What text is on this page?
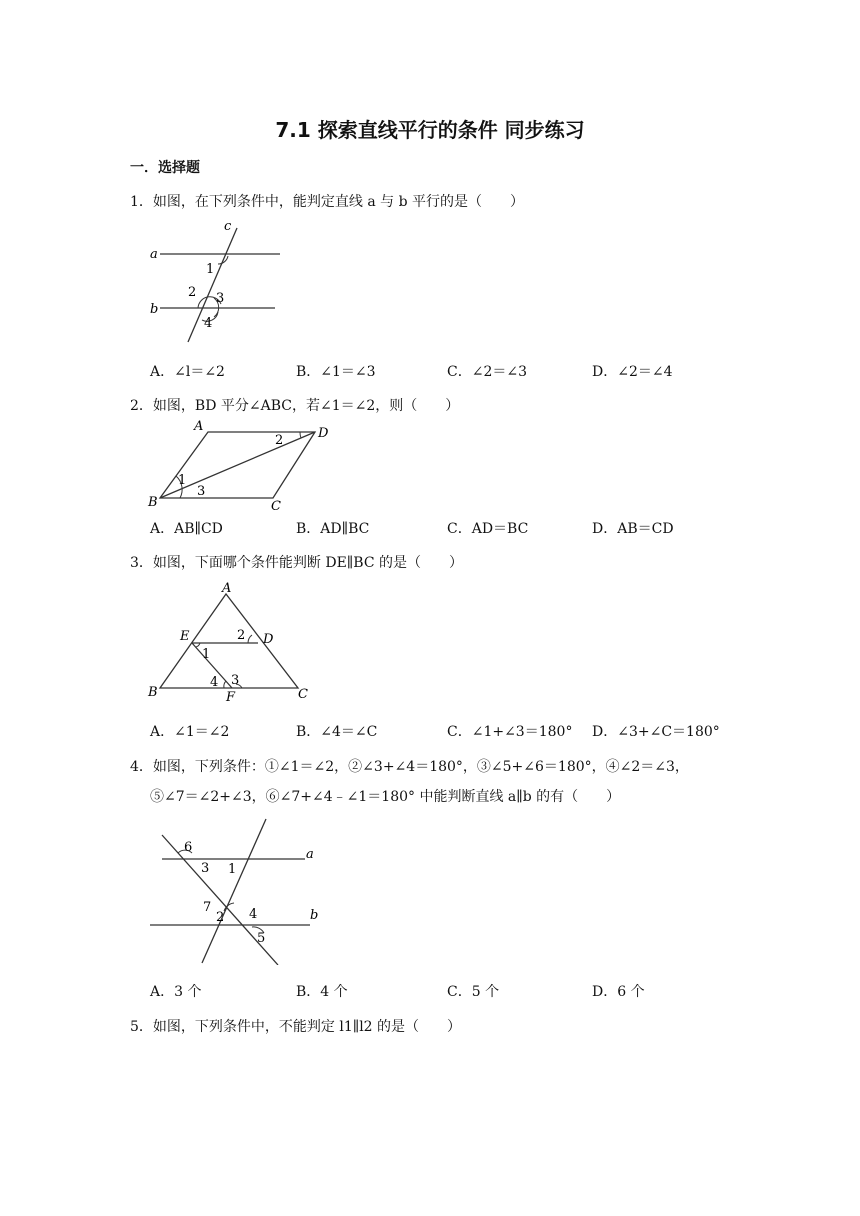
7.1 探索直线平行的条件 同步练习
一．选择题
1．如图，在下列条件中，能判定直线 a 与 b 平行的是（　　）
c
a
b
1
2 3
4
A．∠l＝∠2	B．∠1＝∠3	C．∠2＝∠3	D．∠2＝∠4
2．如图，BD 平分∠ABC，若∠1＝∠2，则（　　）
A	D
B	C
1
2
3
A．AB∥CD	B．AD∥BC	C．AD＝BC	D．AB＝CD
3．如图，下面哪个条件能判断 DE∥BC 的是（　　）
A
E	D
B	C
F
1
2
3
4
A．∠1＝∠2	B．∠4＝∠C	C．∠1+∠3＝180° D．∠3+∠C＝180°
4．如图，下列条件：①∠1＝∠2，②∠3+∠4＝180°，③∠5+∠6＝180°，④∠2＝∠3，
⑤∠7＝∠2+∠3，⑥∠7+∠4﹣∠1＝180° 中能判断直线 a∥b 的有（　　）
6
3 1
a
7
2 4	b
5
A．3 个	B．4 个	C．5 个	D．6 个
5．如图，下列条件中，不能判定 l1∥l2 的是（　　）
